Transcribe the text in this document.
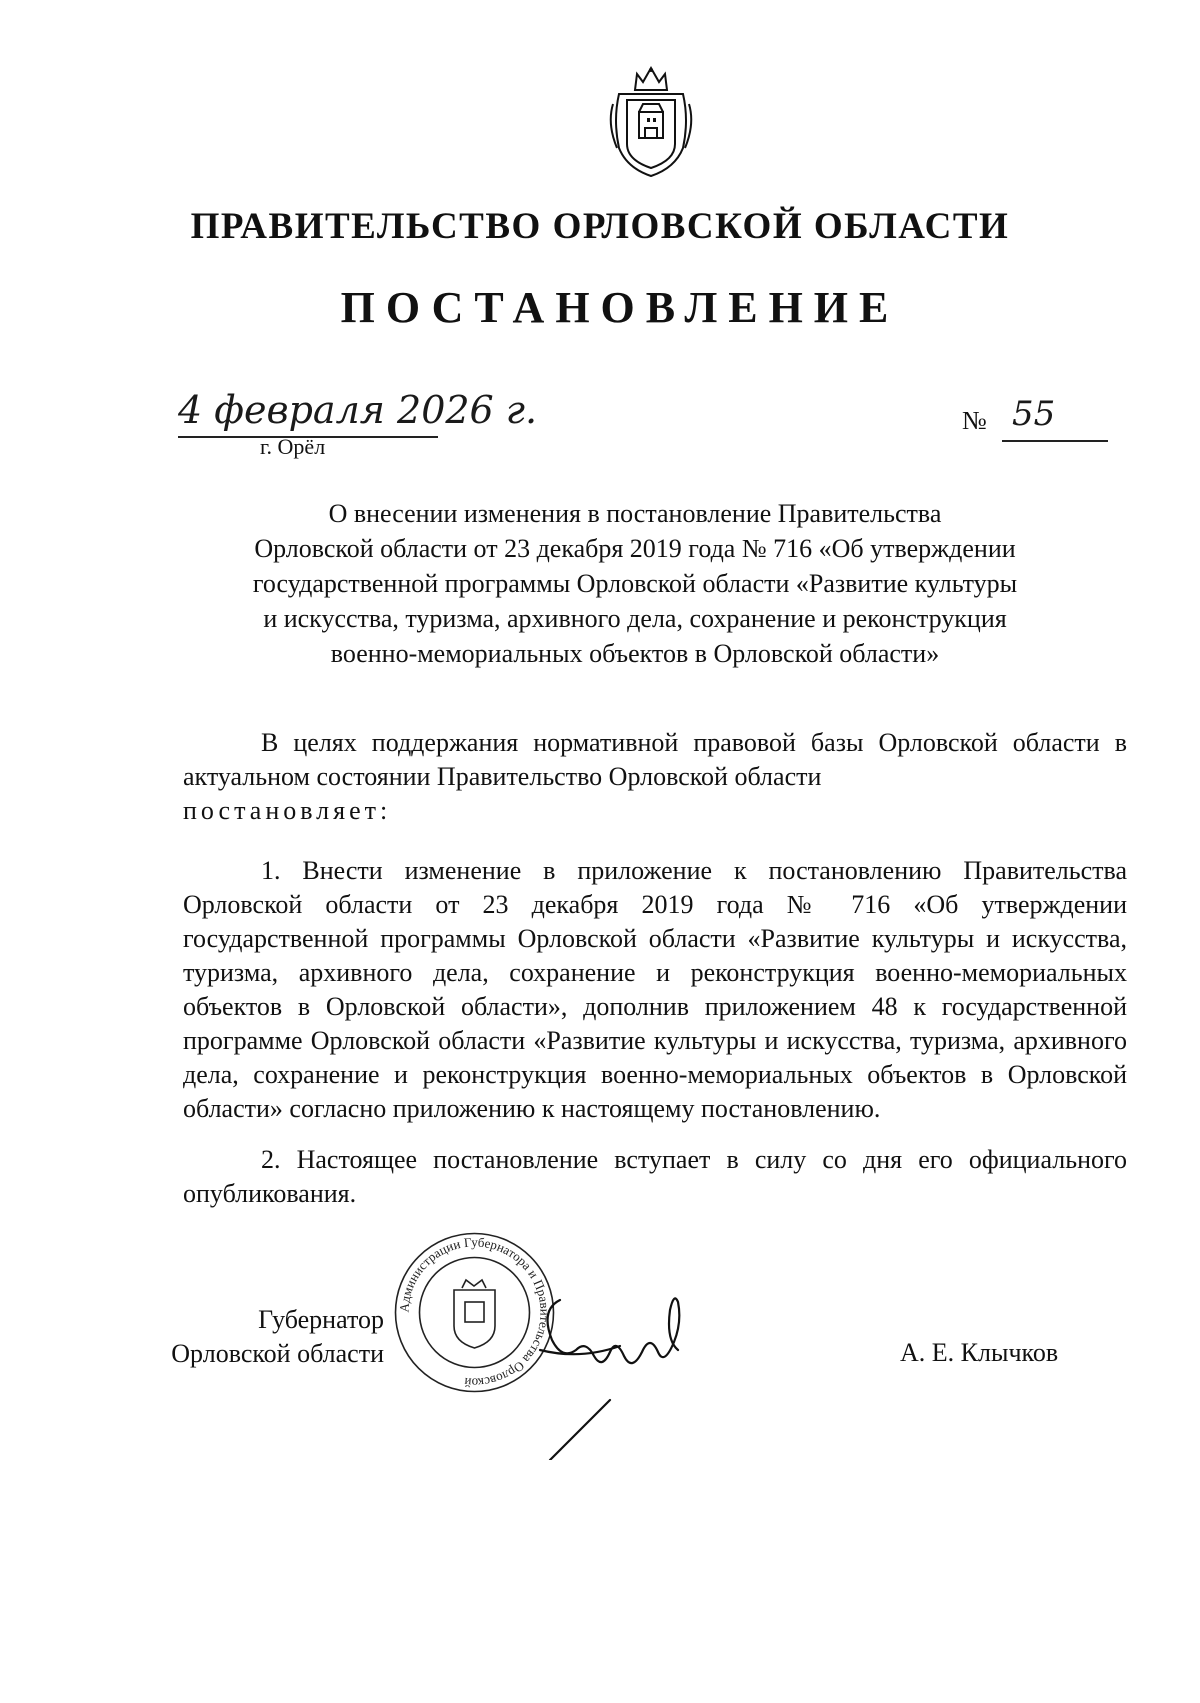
ПРАВИТЕЛЬСТВО ОРЛОВСКОЙ ОБЛАСТИ
ПОСТАНОВЛЕНИЕ
4 февраля 2026 г.
г. Орёл
№ 55
О внесении изменения в постановление Правительства
Орловской области от 23 декабря 2019 года № 716 «Об утверждении
государственной программы Орловской области «Развитие культуры
и искусства, туризма, архивного дела, сохранение и реконструкция
военно-мемориальных объектов в Орловской области»
В целях поддержания нормативной правовой базы Орловской области в актуальном состоянии Правительство Орловской области
постановляет:
1. Внести изменение в приложение к постановлению Правительства Орловской области от 23 декабря 2019 года № 716 «Об утверждении государственной программы Орловской области «Развитие культуры и искусства, туризма, архивного дела, сохранение и реконструкция военно-мемориальных объектов в Орловской области», дополнив приложением 48 к государственной программе Орловской области «Развитие культуры и искусства, туризма, архивного дела, сохранение и реконструкция военно-мемориальных объектов в Орловской области» согласно приложению к настоящему постановлению.
2. Настоящее постановление вступает в силу со дня его официального опубликования.
Губернатор
Орловской области
Администрации Губернатора и Правительства Орловской
А. Е. Клычков
